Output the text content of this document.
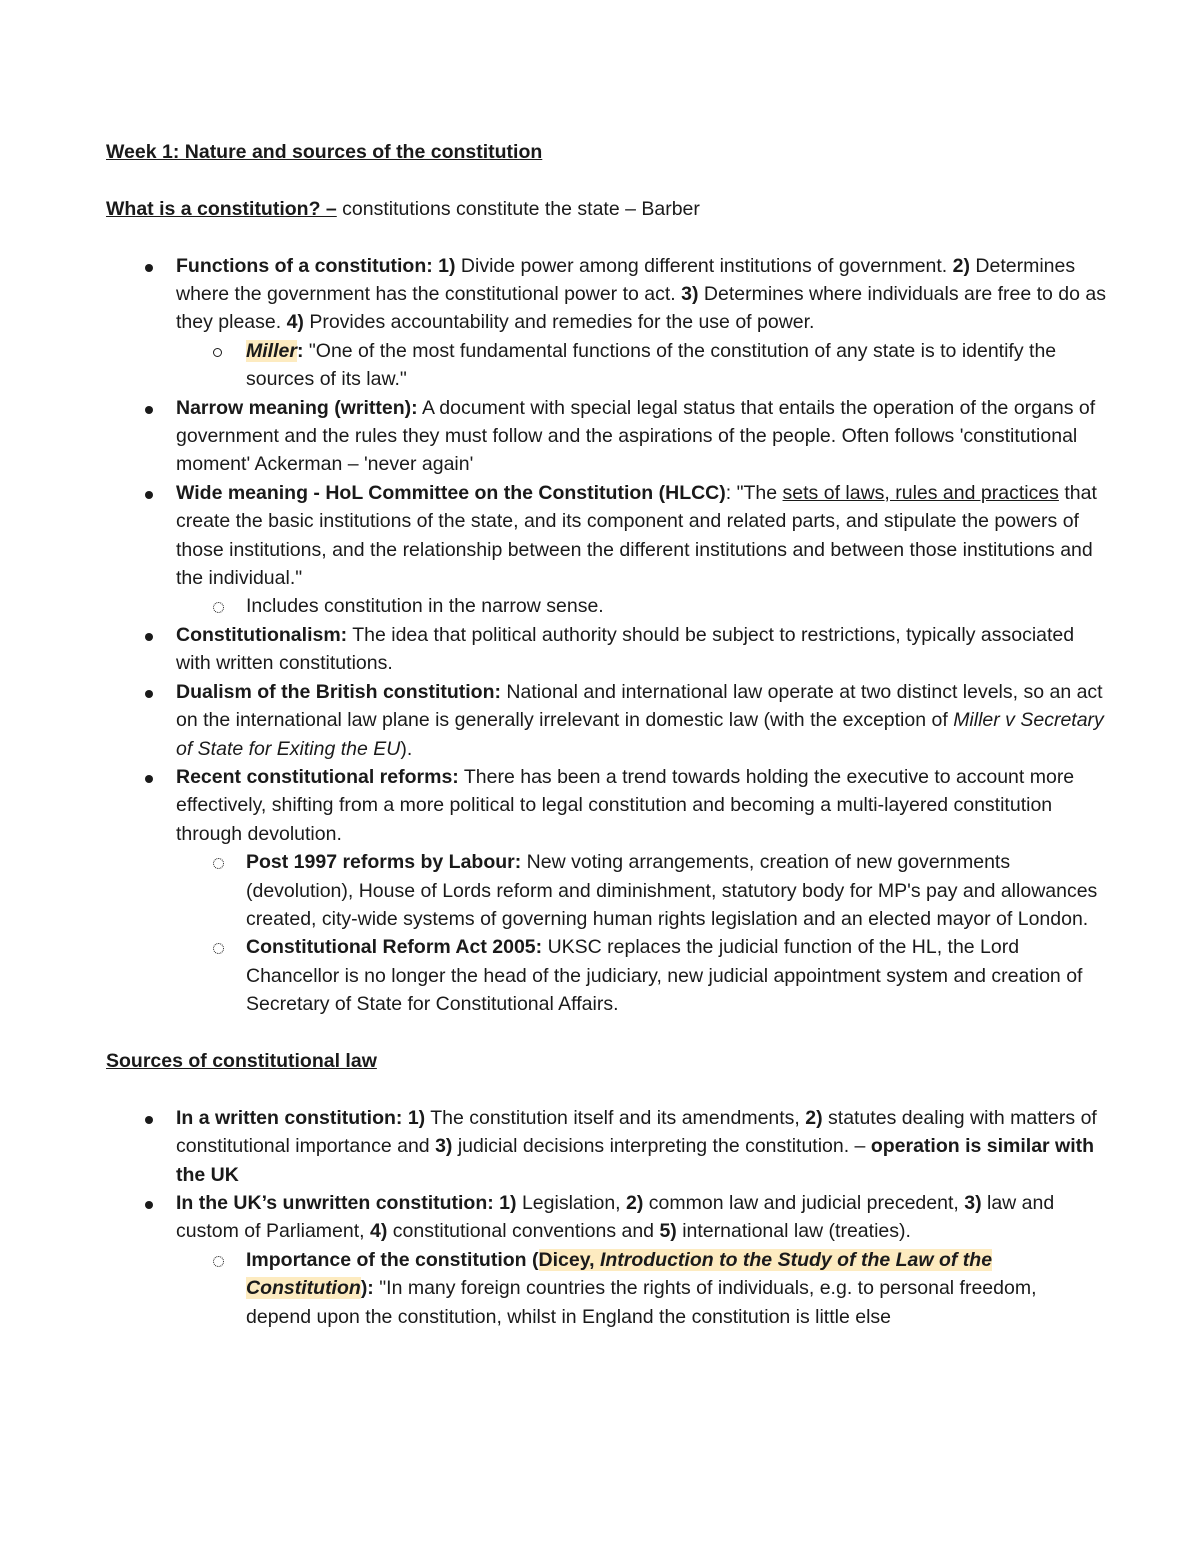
Week 1: Nature and sources of the constitution

What is a constitution? – constitutions constitute the state – Barber

Functions of a constitution: 1) Divide power among different institutions of government. 2) Determines where the government has the constitutional power to act. 3) Determines where individuals are free to do as they please. 4) Provides accountability and remedies for the use of power.
Miller: "One of the most fundamental functions of the constitution of any state is to identify the sources of its law."
Narrow meaning (written): A document with special legal status that entails the operation of the organs of government and the rules they must follow and the aspirations of the people. Often follows 'constitutional moment' Ackerman – 'never again'
Wide meaning - HoL Committee on the Constitution (HLCC): "The sets of laws, rules and practices that create the basic institutions of the state, and its component and related parts, and stipulate the powers of those institutions, and the relationship between the different institutions and between those institutions and the individual."
Includes constitution in the narrow sense.
Constitutionalism: The idea that political authority should be subject to restrictions, typically associated with written constitutions.
Dualism of the British constitution: National and international law operate at two distinct levels, so an act on the international law plane is generally irrelevant in domestic law (with the exception of Miller v Secretary of State for Exiting the EU).
Recent constitutional reforms: There has been a trend towards holding the executive to account more effectively, shifting from a more political to legal constitution and becoming a multi-layered constitution through devolution.
Post 1997 reforms by Labour: New voting arrangements, creation of new governments (devolution), House of Lords reform and diminishment, statutory body for MP's pay and allowances created, city-wide systems of governing human rights legislation and an elected mayor of London.
Constitutional Reform Act 2005: UKSC replaces the judicial function of the HL, the Lord Chancellor is no longer the head of the judiciary, new judicial appointment system and creation of Secretary of State for Constitutional Affairs.

Sources of constitutional law

In a written constitution: 1) The constitution itself and its amendments, 2) statutes dealing with matters of constitutional importance and 3) judicial decisions interpreting the constitution. – operation is similar with the UK
In the UK’s unwritten constitution: 1) Legislation, 2) common law and judicial precedent, 3) law and custom of Parliament, 4) constitutional conventions and 5) international law (treaties).
Importance of the constitution (Dicey, Introduction to the Study of the Law of the Constitution): "In many foreign countries the rights of individuals, e.g. to personal freedom, depend upon the constitution, whilst in England the constitution is little else
